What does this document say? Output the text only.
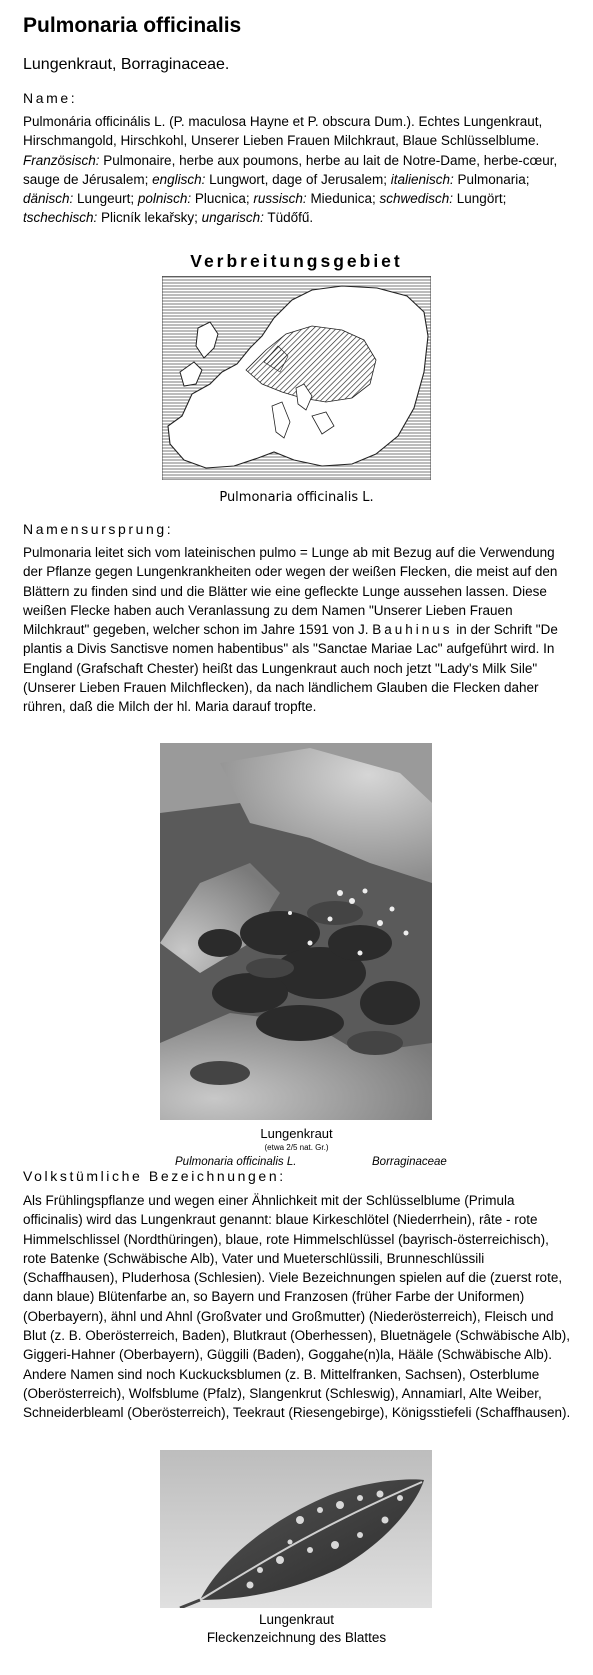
Pulmonaria officinalis
Lungenkraut, Borraginaceae.
Name:
Pulmonária officinális L. (P. maculosa Hayne et P. obscura Dum.). Echtes Lungenkraut, Hirschmangold, Hirschkohl, Unserer Lieben Frauen Milchkraut, Blaue Schlüsselblume. Französisch: Pulmonaire, herbe aux poumons, herbe au lait de Notre-Dame, herbe-cœur, sauge de Jérusalem; englisch: Lungwort, dage of Jerusalem; italienisch: Pulmonaria; dänisch: Lungeurt; polnisch: Plucnica; russisch: Miedunica; schwedisch: Lungört; tschechisch: Plicník lekařsky; ungarisch: Tüdőfű.
Verbreitungsgebiet
Pulmonaria officinalis L.
Namensursprung:
Pulmonaria leitet sich vom lateinischen pulmo = Lunge ab mit Bezug auf die Verwendung der Pflanze gegen Lungenkrankheiten oder wegen der weißen Flecken, die meist auf den Blättern zu finden sind und die Blätter wie eine gefleckte Lunge aussehen lassen. Diese weißen Flecke haben auch Veranlassung zu dem Namen "Unserer Lieben Frauen Milchkraut" gegeben, welcher schon im Jahre 1591 von J. Bauhinus in der Schrift "De plantis a Divis Sanctisve nomen habentibus" als "Sanctae Mariae Lac" aufgeführt wird. In England (Grafschaft Chester) heißt das Lungenkraut auch noch jetzt "Lady's Milk Sile" (Unserer Lieben Frauen Milchflecken), da nach ländlichem Glauben die Flecken daher rühren, daß die Milch der hl. Maria darauf tropfte.
Lungenkraut
(etwa 2/5 nat. Gr.)
Pulmonaria officinalis L.	Borraginaceae
Volkstümliche Bezeichnungen:
Als Frühlingspflanze und wegen einer Ähnlichkeit mit der Schlüsselblume (Primula officinalis) wird das Lungenkraut genannt: blaue Kirkeschlötel (Niederrhein), râte - rote Himmelschlissel (Nordthüringen), blaue, rote Himmelschlüssel (bayrisch-österreichisch), rote Batenke (Schwäbische Alb), Vater und Mueterschlüssili, Brunneschlüssili (Schaffhausen), Pluderhosa (Schlesien). Viele Bezeichnungen spielen auf die (zuerst rote, dann blaue) Blütenfarbe an, so Bayern und Franzosen (früher Farbe der Uniformen) (Oberbayern), ähnl und Ahnl (Großvater und Großmutter) (Niederösterreich), Fleisch und Blut (z. B. Oberösterreich, Baden), Blutkraut (Oberhessen), Bluetnägele (Schwäbische Alb), Giggeri-Hahner (Oberbayern), Güggili (Baden), Goggahe(n)la, Hääle (Schwäbische Alb). Andere Namen sind noch Kuckucksblumen (z. B. Mittelfranken, Sachsen), Osterblume (Oberösterreich), Wolfsblume (Pfalz), Slangenkrut (Schleswig), Annamiarl, Alte Weiber, Schneiderbleaml (Oberösterreich), Teekraut (Riesengebirge), Königsstiefeli (Schaffhausen).
Lungenkraut
Fleckenzeichnung des Blattes
